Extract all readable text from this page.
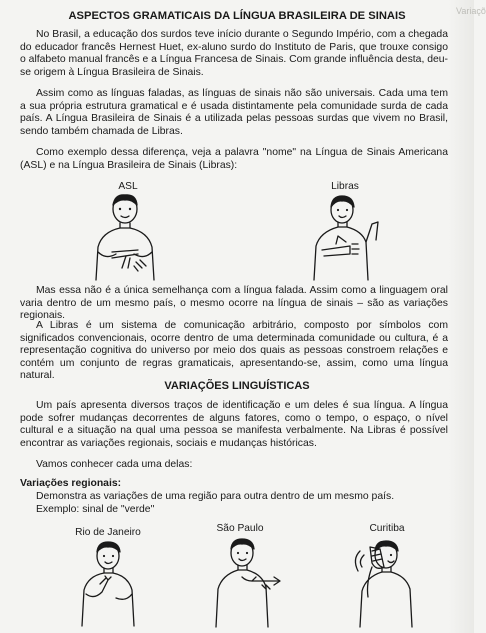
Variaçõ
ASPECTOS GRAMATICAIS DA LÍNGUA BRASILEIRA DE SINAIS

No Brasil, a educação dos surdos teve início durante o Segundo Império, com a chegada do educador francês Hernest Huet, ex-aluno surdo do Instituto de Paris, que trouxe consigo o alfabeto manual francês e a Língua Francesa de Sinais. Com grande influência desta, deu-se origem à Língua Brasileira de Sinais.

Assim como as línguas faladas, as línguas de sinais não são universais. Cada uma tem a sua própria estrutura gramatical e é usada distintamente pela comunidade surda de cada país. A Língua Brasileira de Sinais é a utilizada pelas pessoas surdas que vivem no Brasil, sendo também chamada de Libras.

Como exemplo dessa diferença, veja a palavra "nome" na Língua de Sinais Americana (ASL) e na Língua Brasileira de Sinais (Libras):

ASL	Libras

Mas essa não é a única semelhança com a língua falada. Assim como a linguagem oral varia dentro de um mesmo país, o mesmo ocorre na língua de sinais – são as variações regionais.

A Libras é um sistema de comunicação arbitrário, composto por símbolos com significados convencionais, ocorre dentro de uma determinada comunidade ou cultura, é a representação cognitiva do universo por meio dos quais as pessoas constroem relações e contém um conjunto de regras gramaticais, apresentando-se, assim, como uma língua natural.

VARIAÇÕES LINGUÍSTICAS

Um país apresenta diversos traços de identificação e um deles é sua língua. A língua pode sofrer mudanças decorrentes de alguns fatores, como o tempo, o espaço, o nível cultural e a situação na qual uma pessoa se manifesta verbalmente. Na Libras é possível encontrar as variações regionais, sociais e mudanças históricas.

Vamos conhecer cada uma delas:

Variações regionais:

Demonstra as variações de uma região para outra dentro de um mesmo país.

Exemplo: sinal de "verde"

Rio de Janeiro	São Paulo	Curitiba
